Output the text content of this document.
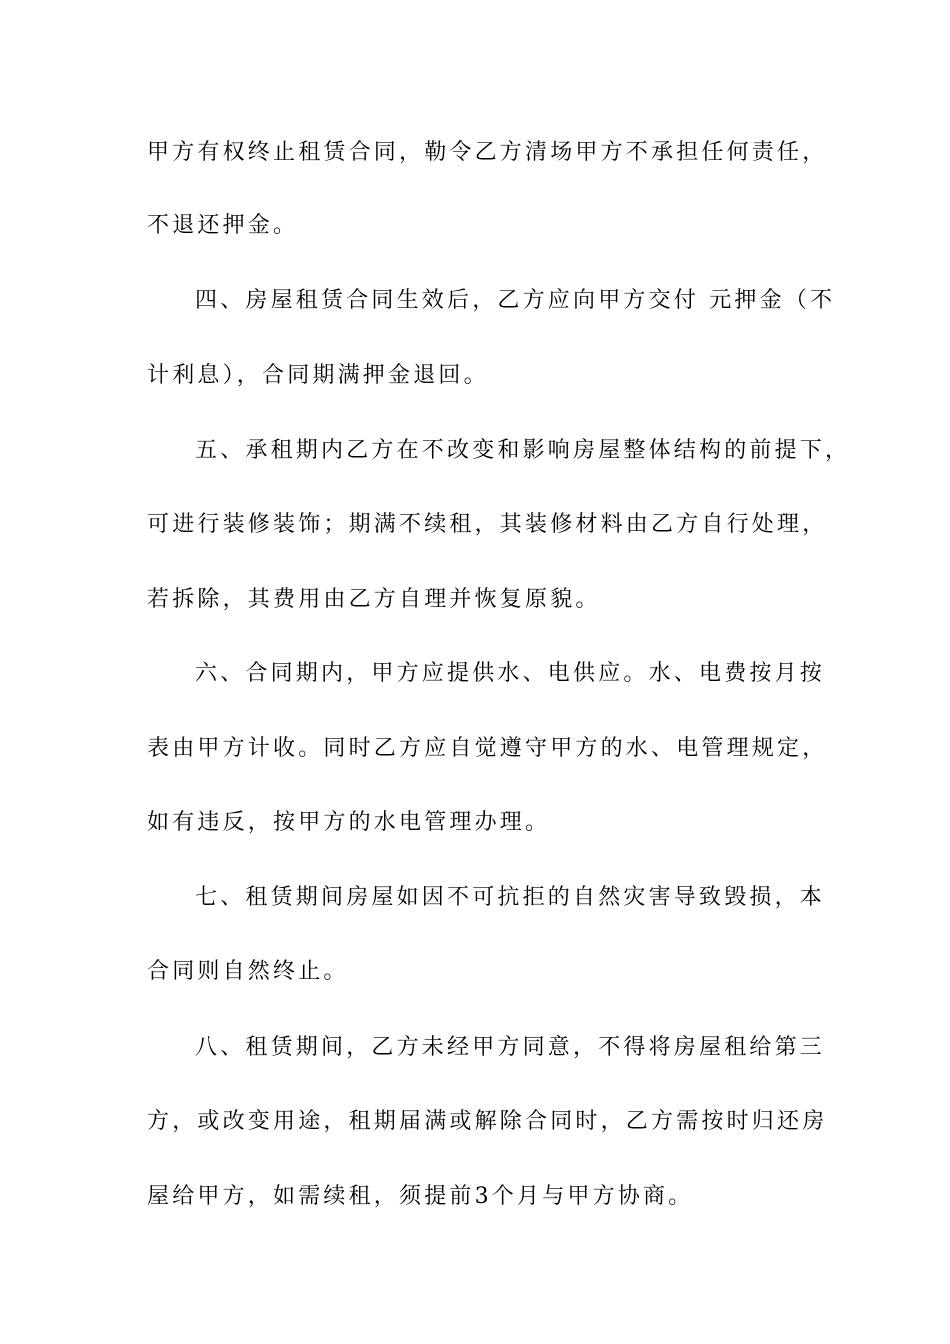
甲方有权终止租赁合同，勒令乙方清场甲方不承担任何责任，
不退还押金。
四、房屋租赁合同生效后，乙方应向甲方交付 元押金（不
计利息），合同期满押金退回。
五、承租期内乙方在不改变和影响房屋整体结构的前提下，
可进行装修装饰；期满不续租，其装修材料由乙方自行处理，
若拆除，其费用由乙方自理并恢复原貌。
六、合同期内，甲方应提供水、电供应。水、电费按月按
表由甲方计收。同时乙方应自觉遵守甲方的水、电管理规定，
如有违反，按甲方的水电管理办理。
七、租赁期间房屋如因不可抗拒的自然灾害导致毁损，本
合同则自然终止。
八、租赁期间，乙方未经甲方同意，不得将房屋租给第三
方，或改变用途，租期届满或解除合同时，乙方需按时归还房
屋给甲方，如需续租，须提前3个月与甲方协商。
